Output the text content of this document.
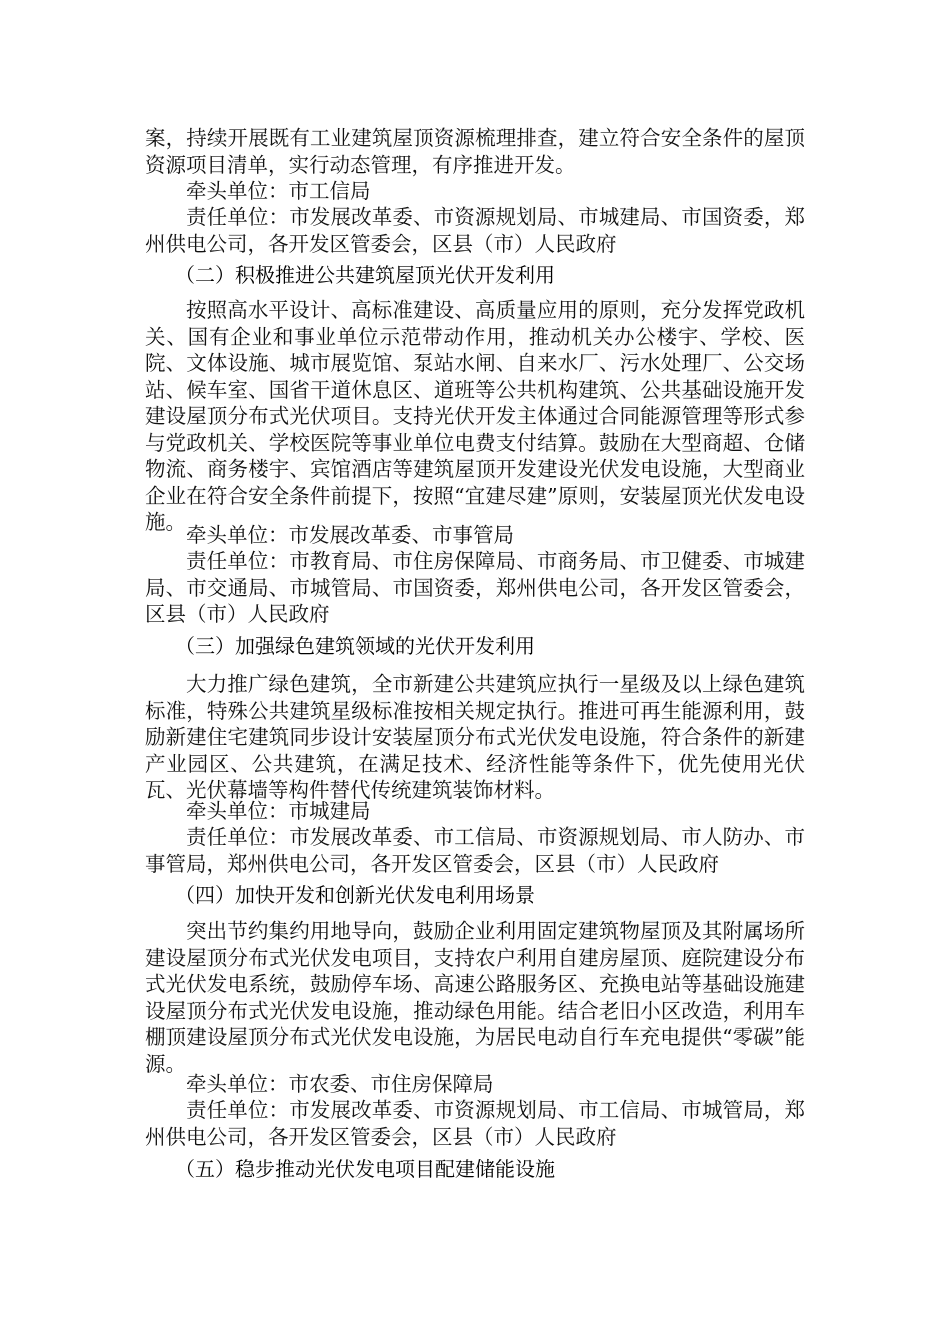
案，持续开展既有工业建筑屋顶资源梳理排查，建立符合安全条件的屋顶资源项目清单，实行动态管理，有序推进开发。

牵头单位：市工信局

责任单位：市发展改革委、市资源规划局、市城建局、市国资委，郑州供电公司，各开发区管委会，区县（市）人民政府

（二）积极推进公共建筑屋顶光伏开发利用

按照高水平设计、高标准建设、高质量应用的原则，充分发挥党政机关、国有企业和事业单位示范带动作用，推动机关办公楼宇、学校、医院、文体设施、城市展览馆、泵站水闸、自来水厂、污水处理厂、公交场站、候车室、国省干道休息区、道班等公共机构建筑、公共基础设施开发建设屋顶分布式光伏项目。支持光伏开发主体通过合同能源管理等形式参与党政机关、学校医院等事业单位电费支付结算。鼓励在大型商超、仓储物流、商务楼宇、宾馆酒店等建筑屋顶开发建设光伏发电设施，大型商业企业在符合安全条件前提下，按照“宜建尽建”原则，安装屋顶光伏发电设施。

牵头单位：市发展改革委、市事管局

责任单位：市教育局、市住房保障局、市商务局、市卫健委、市城建局、市交通局、市城管局、市国资委，郑州供电公司，各开发区管委会，区县（市）人民政府

（三）加强绿色建筑领域的光伏开发利用

大力推广绿色建筑，全市新建公共建筑应执行一星级及以上绿色建筑标准，特殊公共建筑星级标准按相关规定执行。推进可再生能源利用，鼓励新建住宅建筑同步设计安装屋顶分布式光伏发电设施，符合条件的新建产业园区、公共建筑，在满足技术、经济性能等条件下，优先使用光伏瓦、光伏幕墙等构件替代传统建筑装饰材料。

牵头单位：市城建局

责任单位：市发展改革委、市工信局、市资源规划局、市人防办、市事管局，郑州供电公司，各开发区管委会，区县（市）人民政府

（四）加快开发和创新光伏发电利用场景

突出节约集约用地导向，鼓励企业利用固定建筑物屋顶及其附属场所建设屋顶分布式光伏发电项目，支持农户利用自建房屋顶、庭院建设分布式光伏发电系统，鼓励停车场、高速公路服务区、充换电站等基础设施建设屋顶分布式光伏发电设施，推动绿色用能。结合老旧小区改造，利用车棚顶建设屋顶分布式光伏发电设施，为居民电动自行车充电提供“零碳”能源。

牵头单位：市农委、市住房保障局

责任单位：市发展改革委、市资源规划局、市工信局、市城管局，郑州供电公司，各开发区管委会，区县（市）人民政府

（五）稳步推动光伏发电项目配建储能设施
